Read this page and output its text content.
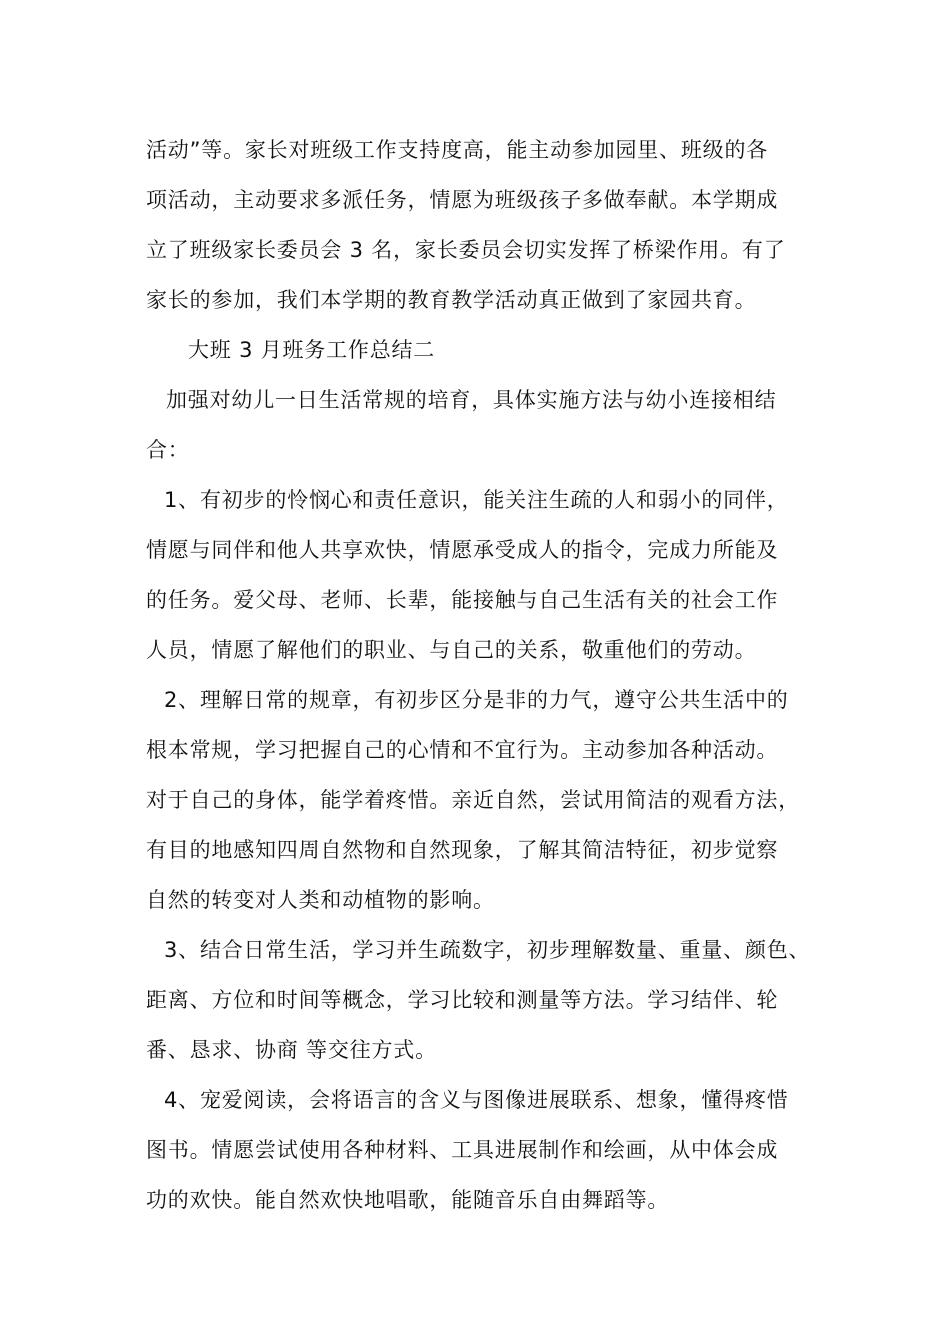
活动”等。家长对班级工作支持度高，能主动参加园里、班级的各
项活动，主动要求多派任务，情愿为班级孩子多做奉献。本学期成
立了班级家长委员会 3 名，家长委员会切实发挥了桥梁作用。有了
家长的参加，我们本学期的教育教学活动真正做到了家园共育。
大班 3 月班务工作总结二
加强对幼儿一日生活常规的培育，具体实施方法与幼小连接相结
合：
1、有初步的怜悯心和责任意识，能关注生疏的人和弱小的同伴，
情愿与同伴和他人共享欢快，情愿承受成人的指令，完成力所能及
的任务。爱父母、老师、长辈，能接触与自己生活有关的社会工作
人员，情愿了解他们的职业、与自己的关系，敬重他们的劳动。
2、理解日常的规章，有初步区分是非的力气，遵守公共生活中的
根本常规，学习把握自己的心情和不宜行为。主动参加各种活动。
对于自己的身体，能学着疼惜。亲近自然，尝试用简洁的观看方法，
有目的地感知四周自然物和自然现象，了解其简洁特征，初步觉察
自然的转变对人类和动植物的影响。
3、结合日常生活，学习并生疏数字，初步理解数量、重量、颜色、
距离、方位和时间等概念，学习比较和测量等方法。学习结伴、轮
番、恳求、协商 等交往方式。
4、宠爱阅读，会将语言的含义与图像进展联系、想象，懂得疼惜
图书。情愿尝试使用各种材料、工具进展制作和绘画，从中体会成
功的欢快。能自然欢快地唱歌，能随音乐自由舞蹈等。
